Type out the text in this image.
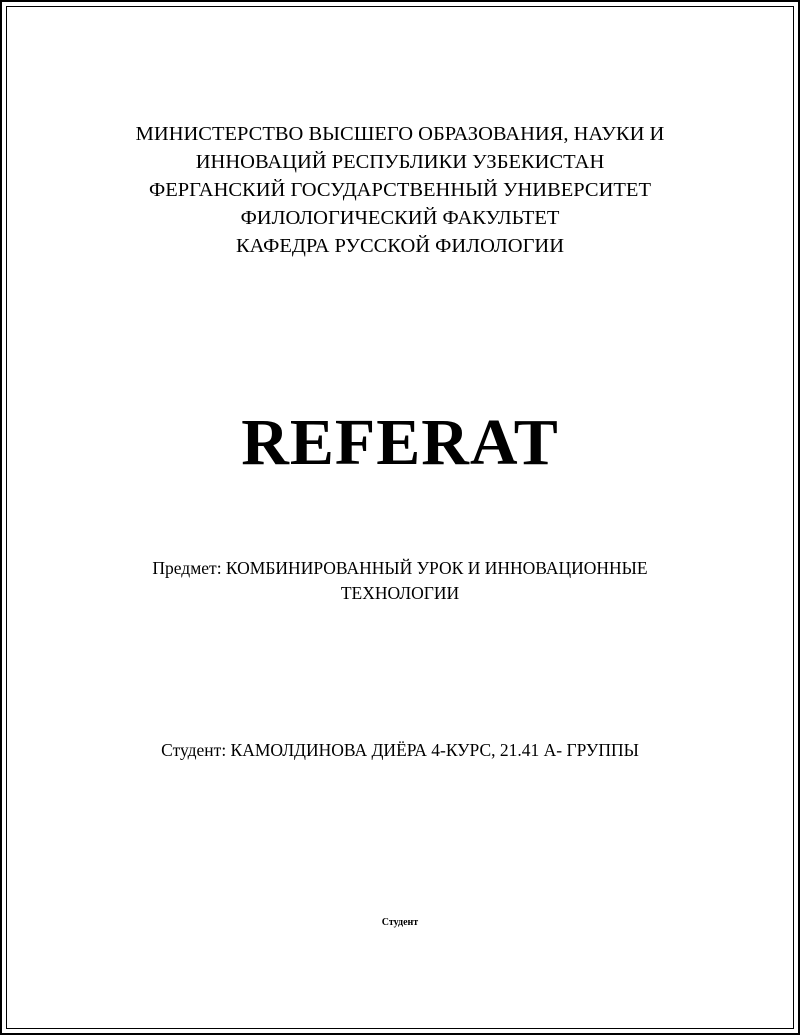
МИНИСТЕРСТВО ВЫСШЕГО ОБРАЗОВАНИЯ, НАУКИ И
ИННОВАЦИЙ РЕСПУБЛИКИ УЗБЕКИСТАН
ФЕРГАНСКИЙ ГОСУДАРСТВЕННЫЙ УНИВЕРСИТЕТ
ФИЛОЛОГИЧЕСКИЙ ФАКУЛЬТЕТ
КАФЕДРА РУССКОЙ ФИЛОЛОГИИ
REFERAT
Предмет: КОМБИНИРОВАННЫЙ УРОК И ИННОВАЦИОННЫЕ
ТЕХНОЛОГИИ
Студент: КАМОЛДИНОВА ДИЁРА 4-КУРС, 21.41 А- ГРУППЫ
Студент
